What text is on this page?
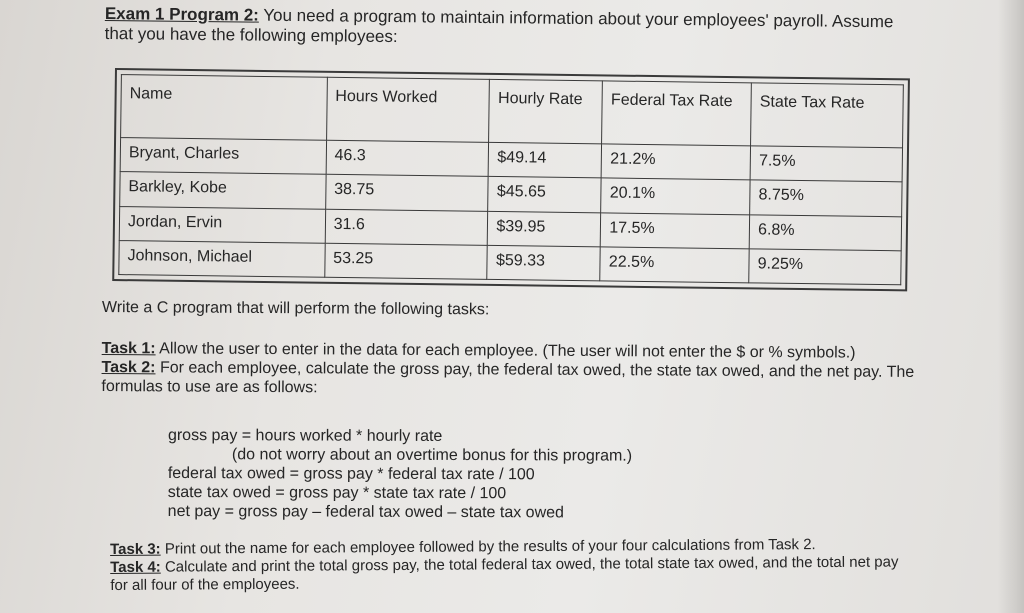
Exam 1 Program 2: You need a program to maintain information about your employees' payroll. Assume
that you have the following employees:
Name	Hours Worked	Hourly Rate	Federal Tax Rate	State Tax Rate
Bryant, Charles	46.3	$49.14	21.2%	7.5%
Barkley, Kobe	38.75	$45.65	20.1%	8.75%
Jordan, Ervin	31.6	$39.95	17.5%	6.8%
Johnson, Michael	53.25	$59.33	22.5%	9.25%
Write a C program that will perform the following tasks:
Task 1: Allow the user to enter in the data for each employee. (The user will not enter the $ or % symbols.)
Task 2: For each employee, calculate the gross pay, the federal tax owed, the state tax owed, and the net pay. The formulas to use are as follows:
gross pay = hours worked * hourly rate
(do not worry about an overtime bonus for this program.)
federal tax owed = gross pay * federal tax rate / 100
state tax owed = gross pay * state tax rate / 100
net pay = gross pay – federal tax owed – state tax owed
Task 3: Print out the name for each employee followed by the results of your four calculations from Task 2.
Task 4: Calculate and print the total gross pay, the total federal tax owed, the total state tax owed, and the total net pay for all four of the employees.
